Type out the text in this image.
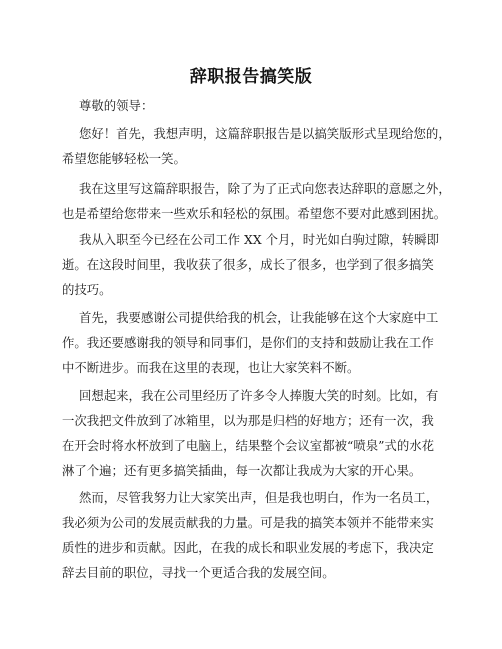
辞职报告搞笑版
尊敬的领导：
您好！首先，我想声明，这篇辞职报告是以搞笑版形式呈现给您的，
希望您能够轻松一笑。
我在这里写这篇辞职报告，除了为了正式向您表达辞职的意愿之外，
也是希望给您带来一些欢乐和轻松的氛围。希望您不要对此感到困扰。
我从入职至今已经在公司工作 XX 个月，时光如白驹过隙，转瞬即
逝。在这段时间里，我收获了很多，成长了很多，也学到了很多搞笑
的技巧。
首先，我要感谢公司提供给我的机会，让我能够在这个大家庭中工
作。我还要感谢我的领导和同事们，是你们的支持和鼓励让我在工作
中不断进步。而我在这里的表现，也让大家笑料不断。
回想起来，我在公司里经历了许多令人捧腹大笑的时刻。比如，有
一次我把文件放到了冰箱里，以为那是归档的好地方；还有一次，我
在开会时将水杯放到了电脑上，结果整个会议室都被“喷泉”式的水花
淋了个遍；还有更多搞笑插曲，每一次都让我成为大家的开心果。
然而，尽管我努力让大家笑出声，但是我也明白，作为一名员工，
我必须为公司的发展贡献我的力量。可是我的搞笑本领并不能带来实
质性的进步和贡献。因此，在我的成长和职业发展的考虑下，我决定
辞去目前的职位，寻找一个更适合我的发展空间。
